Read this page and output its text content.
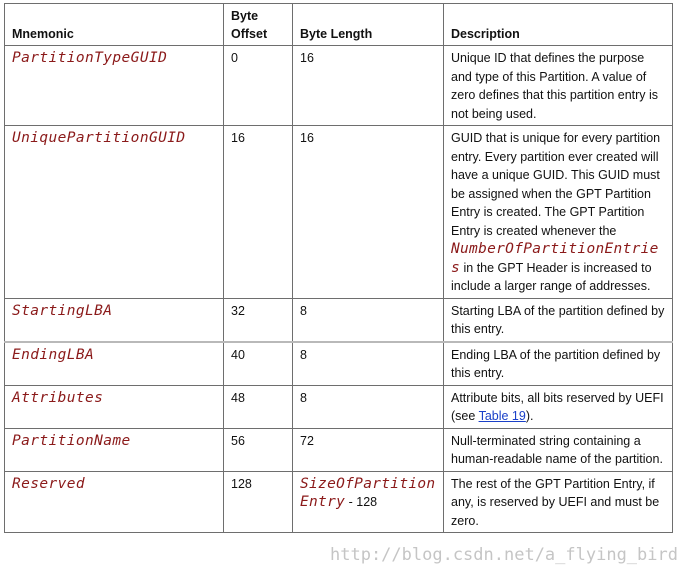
Mnemonic	Byte Offset	Byte Length	Description
PartitionTypeGUID	0	16	Unique ID that defines the purpose and type of this Partition. A value of zero defines that this partition entry is not being used.
UniquePartitionGUID	16	16	GUID that is unique for every partition entry. Every partition ever created will have a unique GUID. This GUID must be assigned when the GPT Partition Entry is created. The GPT Partition Entry is created whenever the
NumberOfPartitionEntries in the GPT Header is increased to include a larger range of addresses.
StartingLBA	32	8	Starting LBA of the partition defined by this entry.
EndingLBA	40	8	Ending LBA of the partition defined by this entry.
Attributes	48	8	Attribute bits, all bits reserved by UEFI (see Table 19).
PartitionName	56	72	Null-terminated string containing a human-readable name of the partition.
Reserved	128	SizeOfPartitionEntry - 128	The rest of the GPT Partition Entry, if any, is reserved by UEFI and must be zero.
http://blog.csdn.net/a_flying_bird
